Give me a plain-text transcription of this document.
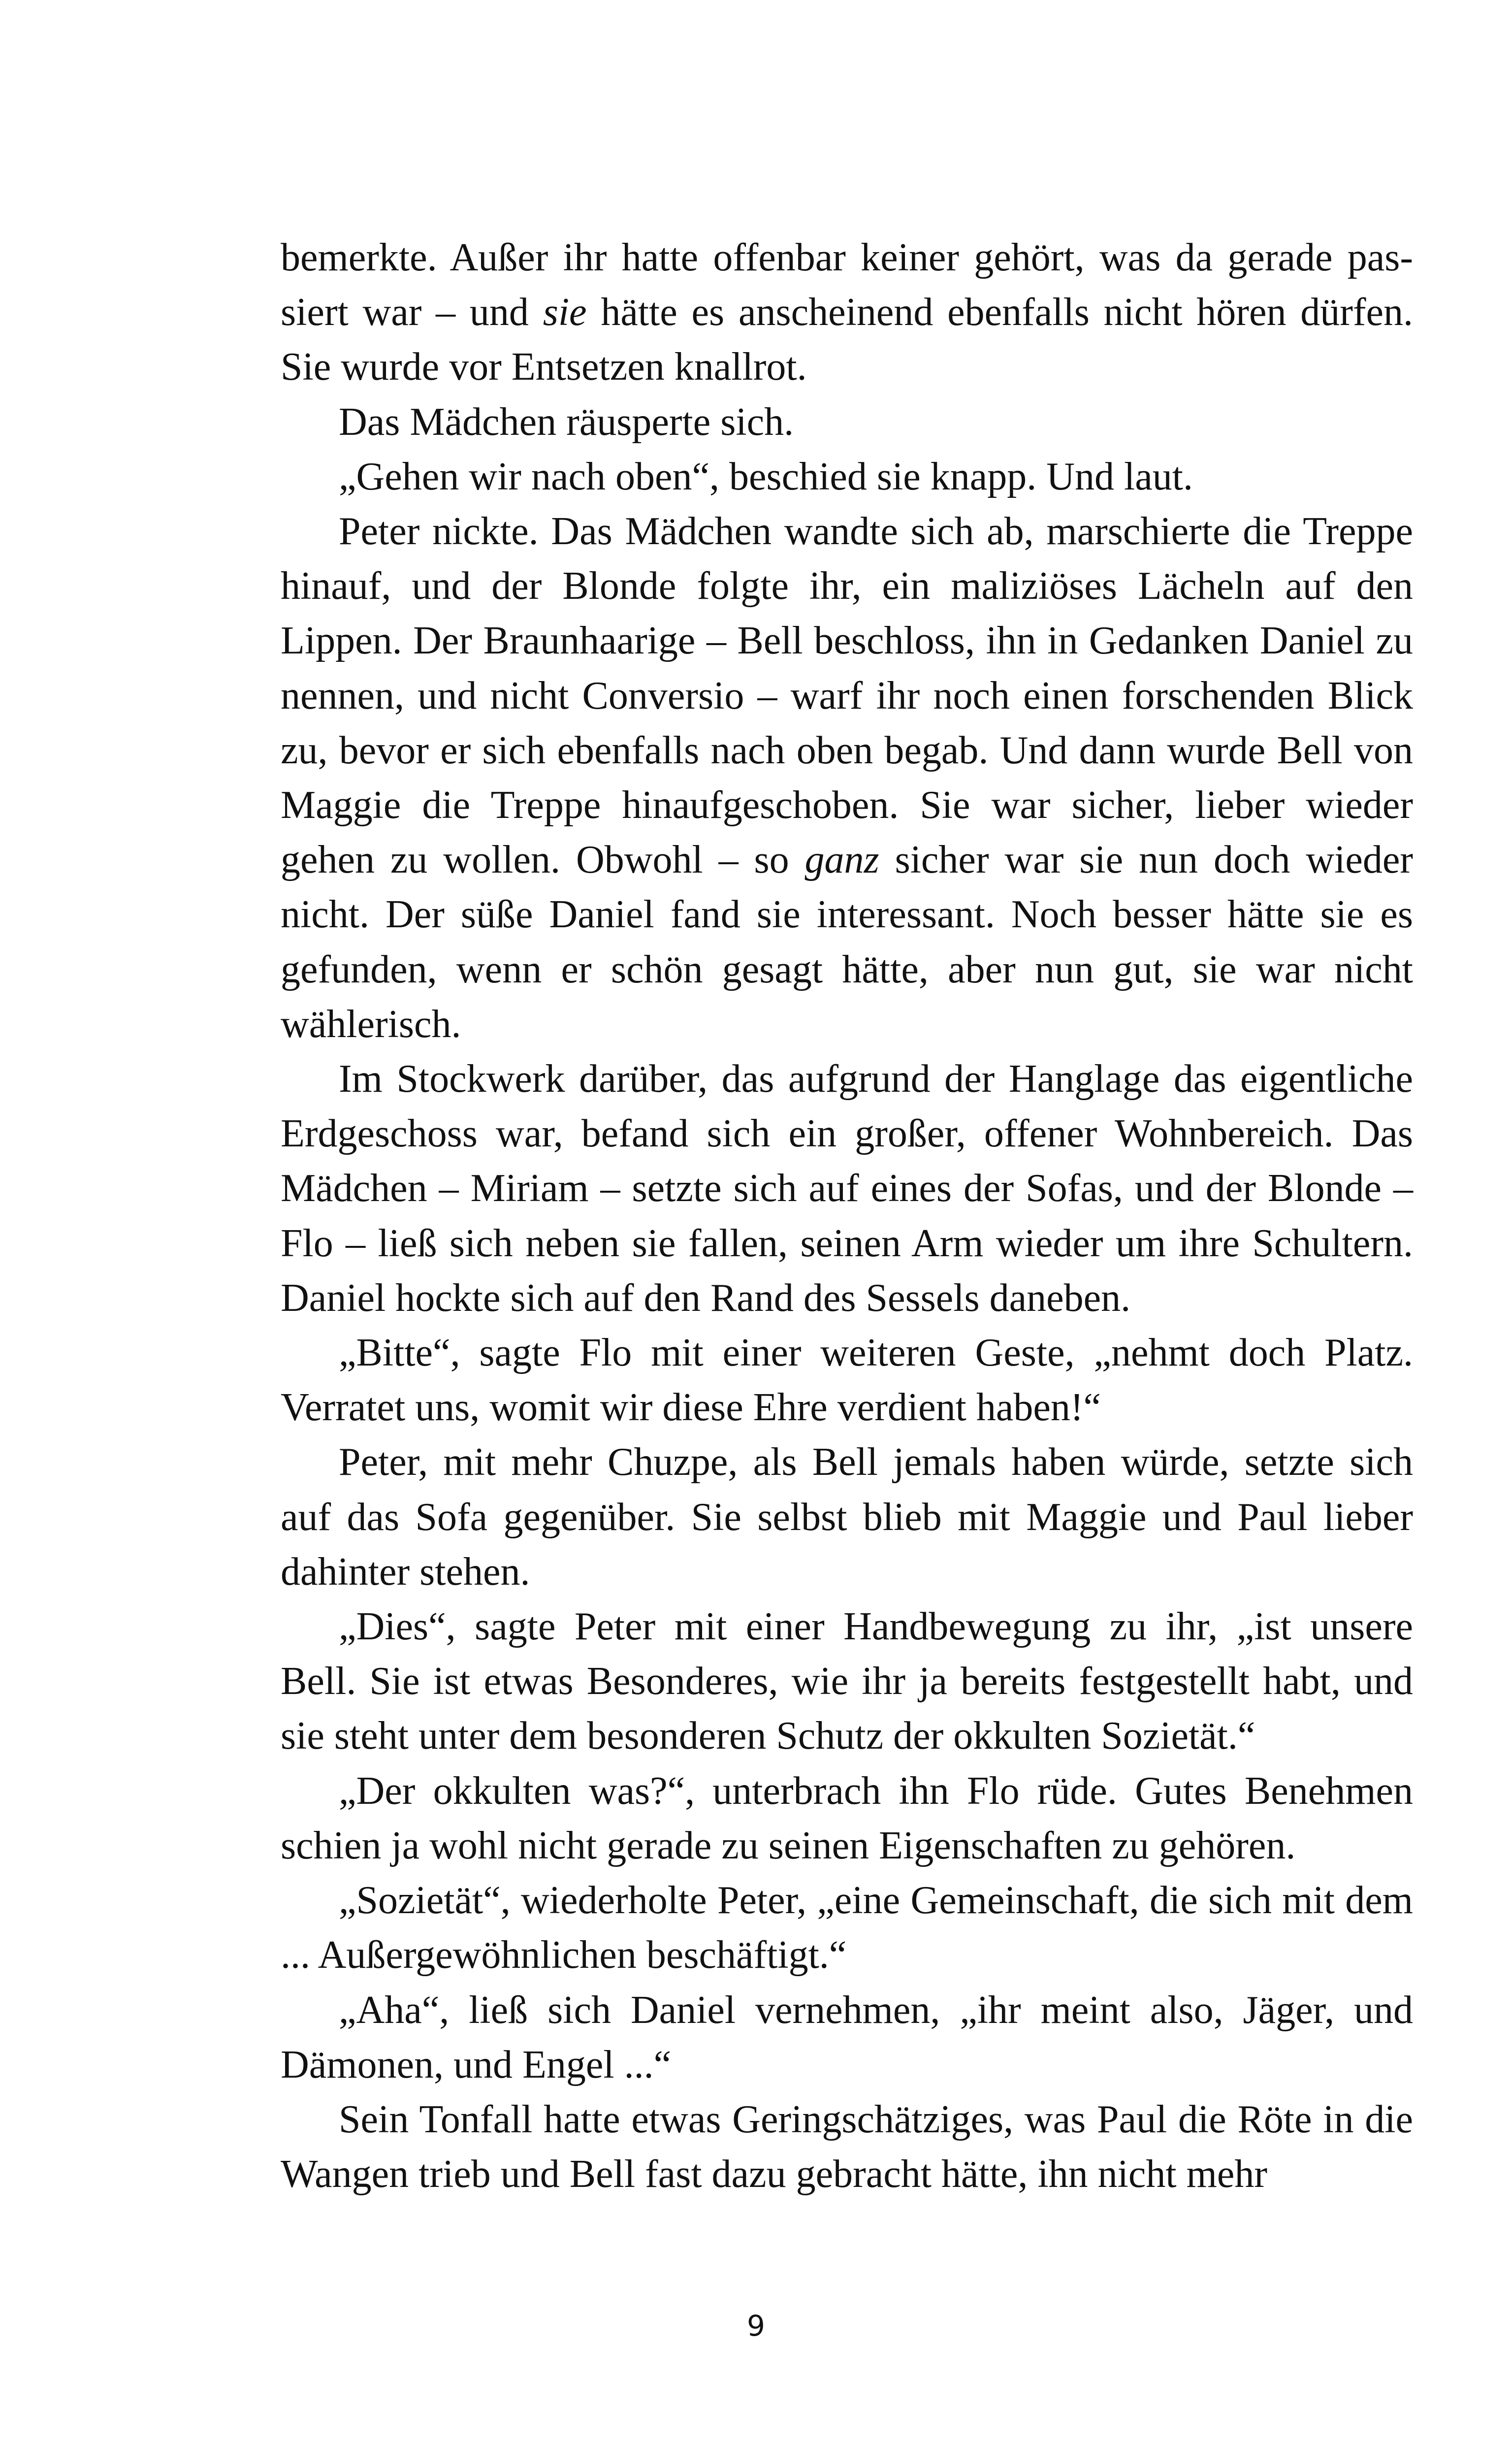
bemerkte. Außer ihr hatte offenbar keiner gehört, was da gerade passiert war – und sie hätte es anscheinend ebenfalls nicht hören dürfen. Sie wurde vor Entsetzen knallrot.

Das Mädchen räusperte sich.

„Gehen wir nach oben“, beschied sie knapp. Und laut.

Peter nickte. Das Mädchen wandte sich ab, marschierte die Treppe hinauf, und der Blonde folgte ihr, ein maliziöses Lächeln auf den Lippen. Der Braunhaarige – Bell beschloss, ihn in Gedanken Daniel zu nennen, und nicht Conversio – warf ihr noch einen forschenden Blick zu, bevor er sich ebenfalls nach oben begab. Und dann wurde Bell von Maggie die Treppe hinaufgeschoben. Sie war sicher, lieber wieder gehen zu wollen. Obwohl – so ganz sicher war sie nun doch wieder nicht. Der süße Daniel fand sie interessant. Noch besser hätte sie es gefunden, wenn er schön gesagt hätte, aber nun gut, sie war nicht wählerisch.

Im Stockwerk darüber, das aufgrund der Hanglage das eigentliche Erdgeschoss war, befand sich ein großer, offener Wohnbereich. Das Mädchen – Miriam – setzte sich auf eines der Sofas, und der Blonde – Flo – ließ sich neben sie fallen, seinen Arm wieder um ihre Schultern. Daniel hockte sich auf den Rand des Sessels daneben.

„Bitte“, sagte Flo mit einer weiteren Geste, „nehmt doch Platz. Verratet uns, womit wir diese Ehre verdient haben!“

Peter, mit mehr Chuzpe, als Bell jemals haben würde, setzte sich auf das Sofa gegenüber. Sie selbst blieb mit Maggie und Paul lieber dahinter stehen.

„Dies“, sagte Peter mit einer Handbewegung zu ihr, „ist unsere Bell. Sie ist etwas Besonderes, wie ihr ja bereits festgestellt habt, und sie steht unter dem besonderen Schutz der okkulten Sozietät.“

„Der okkulten was?“, unterbrach ihn Flo rüde. Gutes Benehmen schien ja wohl nicht gerade zu seinen Eigenschaften zu gehören.

„Sozietät“, wiederholte Peter, „eine Gemeinschaft, die sich mit dem ... Außergewöhnlichen beschäftigt.“

„Aha“, ließ sich Daniel vernehmen, „ihr meint also, Jäger, und Dämonen, und Engel ...“

Sein Tonfall hatte etwas Geringschätziges, was Paul die Röte in die Wangen trieb und Bell fast dazu gebracht hätte, ihn nicht mehr

9
